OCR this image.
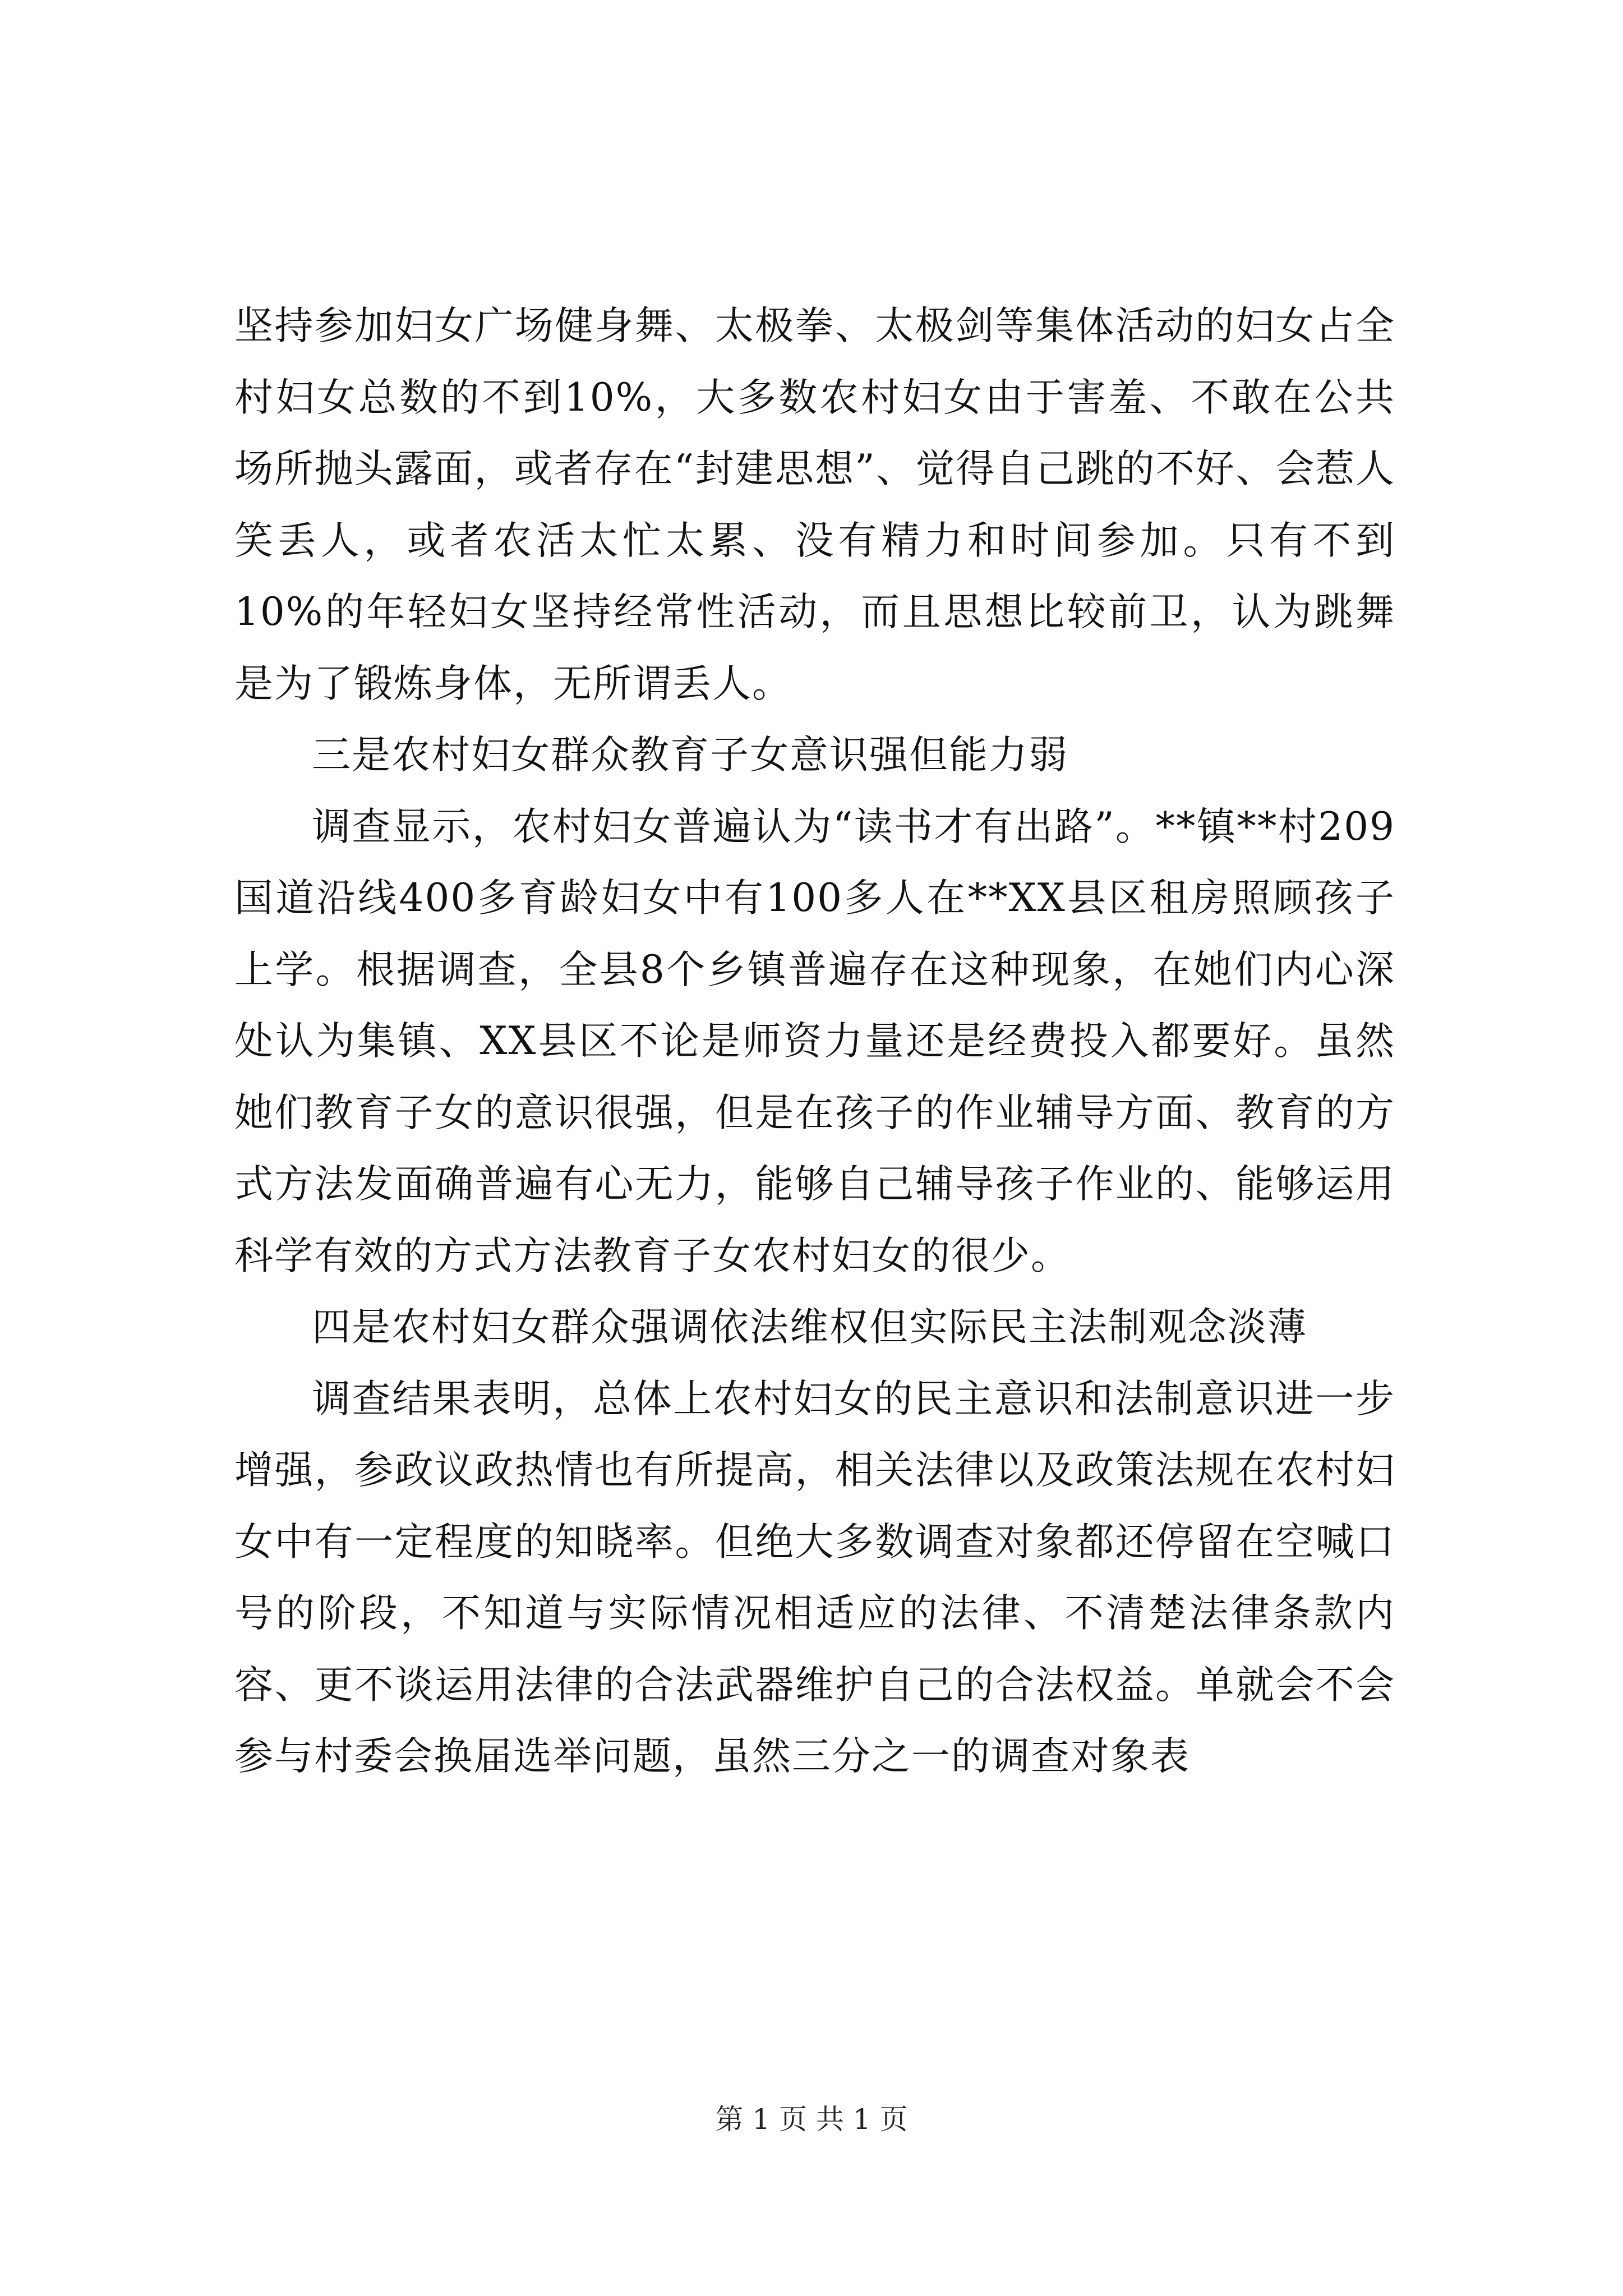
坚持参加妇女广场健身舞、太极拳、太极剑等集体活动的妇女占全村妇女总数的不到10%，大多数农村妇女由于害羞、不敢在公共场所抛头露面，或者存在“封建思想”、觉得自己跳的不好、会惹人笑丢人，或者农活太忙太累、没有精力和时间参加。只有不到10%的年轻妇女坚持经常性活动，而且思想比较前卫，认为跳舞是为了锻炼身体，无所谓丢人。

三是农村妇女群众教育子女意识强但能力弱

调查显示，农村妇女普遍认为“读书才有出路”。**镇**村209国道沿线400多育龄妇女中有100多人在**XX县区租房照顾孩子上学。根据调查，全县8个乡镇普遍存在这种现象，在她们内心深处认为集镇、XX县区不论是师资力量还是经费投入都要好。虽然她们教育子女的意识很强，但是在孩子的作业辅导方面、教育的方式方法发面确普遍有心无力，能够自己辅导孩子作业的、能够运用科学有效的方式方法教育子女农村妇女的很少。

四是农村妇女群众强调依法维权但实际民主法制观念淡薄

调查结果表明，总体上农村妇女的民主意识和法制意识进一步增强，参政议政热情也有所提高，相关法律以及政策法规在农村妇女中有一定程度的知晓率。但绝大多数调查对象都还停留在空喊口号的阶段，不知道与实际情况相适应的法律、不清楚法律条款内容、更不谈运用法律的合法武器维护自己的合法权益。单就会不会参与村委会换届选举问题，虽然三分之一的调查对象表

第 1 页 共 1 页
